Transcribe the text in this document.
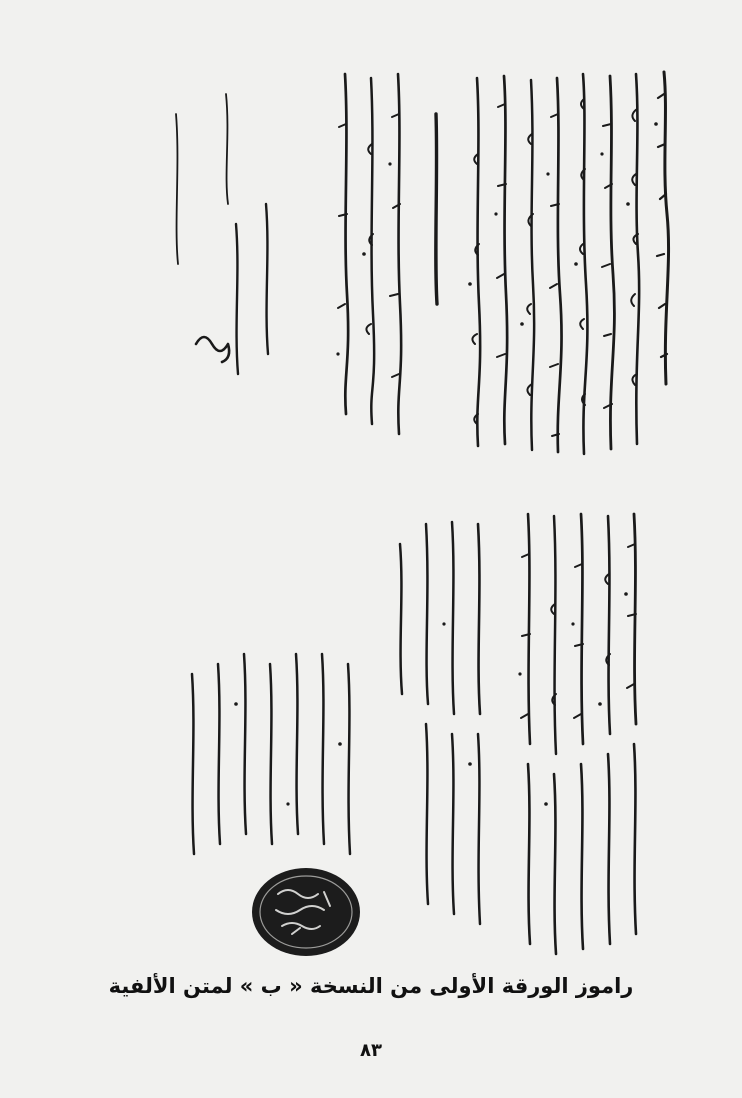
راموز الورقة الأولى من النسخة « ب » لمتن الألفية
٨٣
